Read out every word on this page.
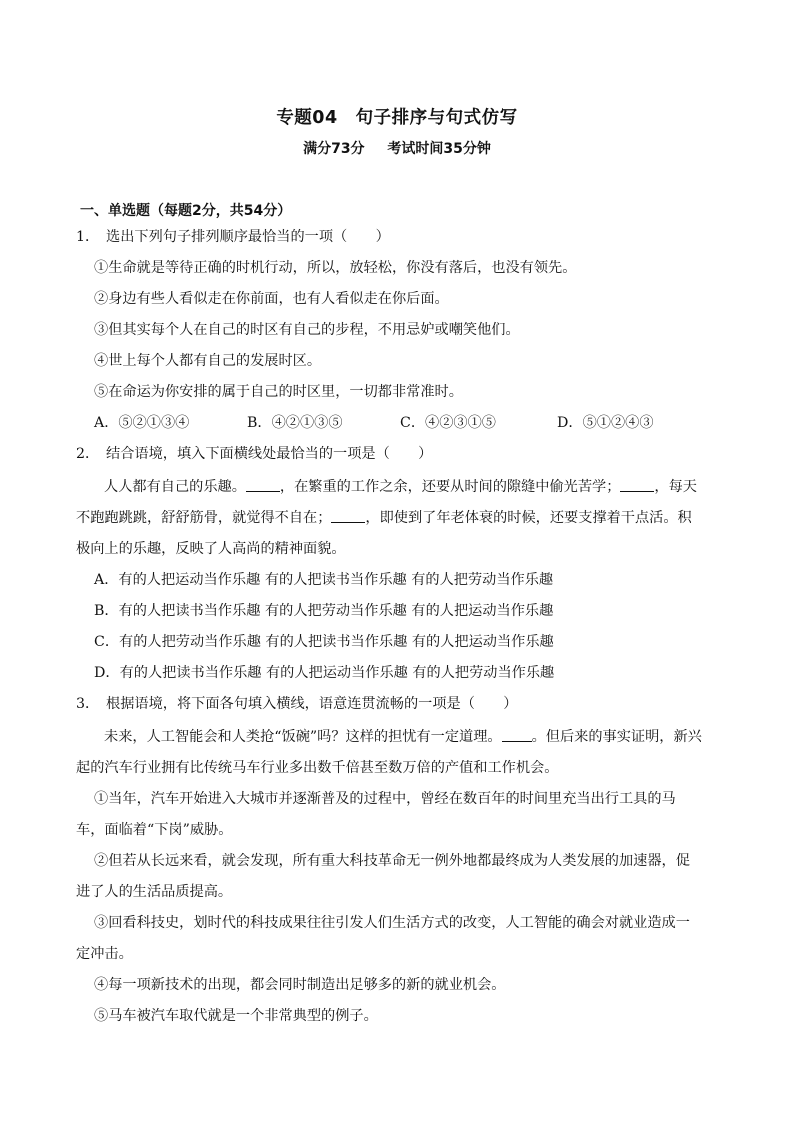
专题04　句子排序与句式仿写
满分73分 考试时间35分钟
一、单选题（每题2分，共54分）
1． 选出下列句子排列顺序最恰当的一项（　　）
①生命就是等待正确的时机行动，所以，放轻松，你没有落后，也没有领先。
②身边有些人看似走在你前面，也有人看似走在你后面。
③但其实每个人在自己的时区有自己的步程，不用忌妒或嘲笑他们。
④世上每个人都有自己的发展时区。
⑤在命运为你安排的属于自己的时区里，一切都非常准时。
A．⑤②①③④	B．④②①③⑤	C．④②③①⑤	D．⑤①②④③
2． 结合语境，填入下面横线处最恰当的一项是（　　）
人人都有自己的乐趣。 ，在繁重的工作之余，还要从时间的隙缝中偷光苦学； ，每天
不跑跑跳跳，舒舒筋骨，就觉得不自在； ，即使到了年老体衰的时候，还要支撑着干点活。积
极向上的乐趣，反映了人高尚的精神面貌。
A．有的人把运动当作乐趣 有的人把读书当作乐趣 有的人把劳动当作乐趣
B．有的人把读书当作乐趣 有的人把劳动当作乐趣 有的人把运动当作乐趣
C．有的人把劳动当作乐趣 有的人把读书当作乐趣 有的人把运动当作乐趣
D．有的人把读书当作乐趣 有的人把运动当作乐趣 有的人把劳动当作乐趣
3． 根据语境，将下面各句填入横线，语意连贯流畅的一项是（　　）
未来，人工智能会和人类抢“饭碗”吗？这样的担忧有一定道理。 。但后来的事实证明，新兴
起的汽车行业拥有比传统马车行业多出数千倍甚至数万倍的产值和工作机会。
①当年，汽车开始进入大城市并逐渐普及的过程中，曾经在数百年的时间里充当出行工具的马
车，面临着“下岗”威胁。
②但若从长远来看，就会发现，所有重大科技革命无一例外地都最终成为人类发展的加速器，促
进了人的生活品质提高。
③回看科技史，划时代的科技成果往往引发人们生活方式的改变，人工智能的确会对就业造成一
定冲击。
④每一项新技术的出现，都会同时制造出足够多的新的就业机会。
⑤马车被汽车取代就是一个非常典型的例子。
